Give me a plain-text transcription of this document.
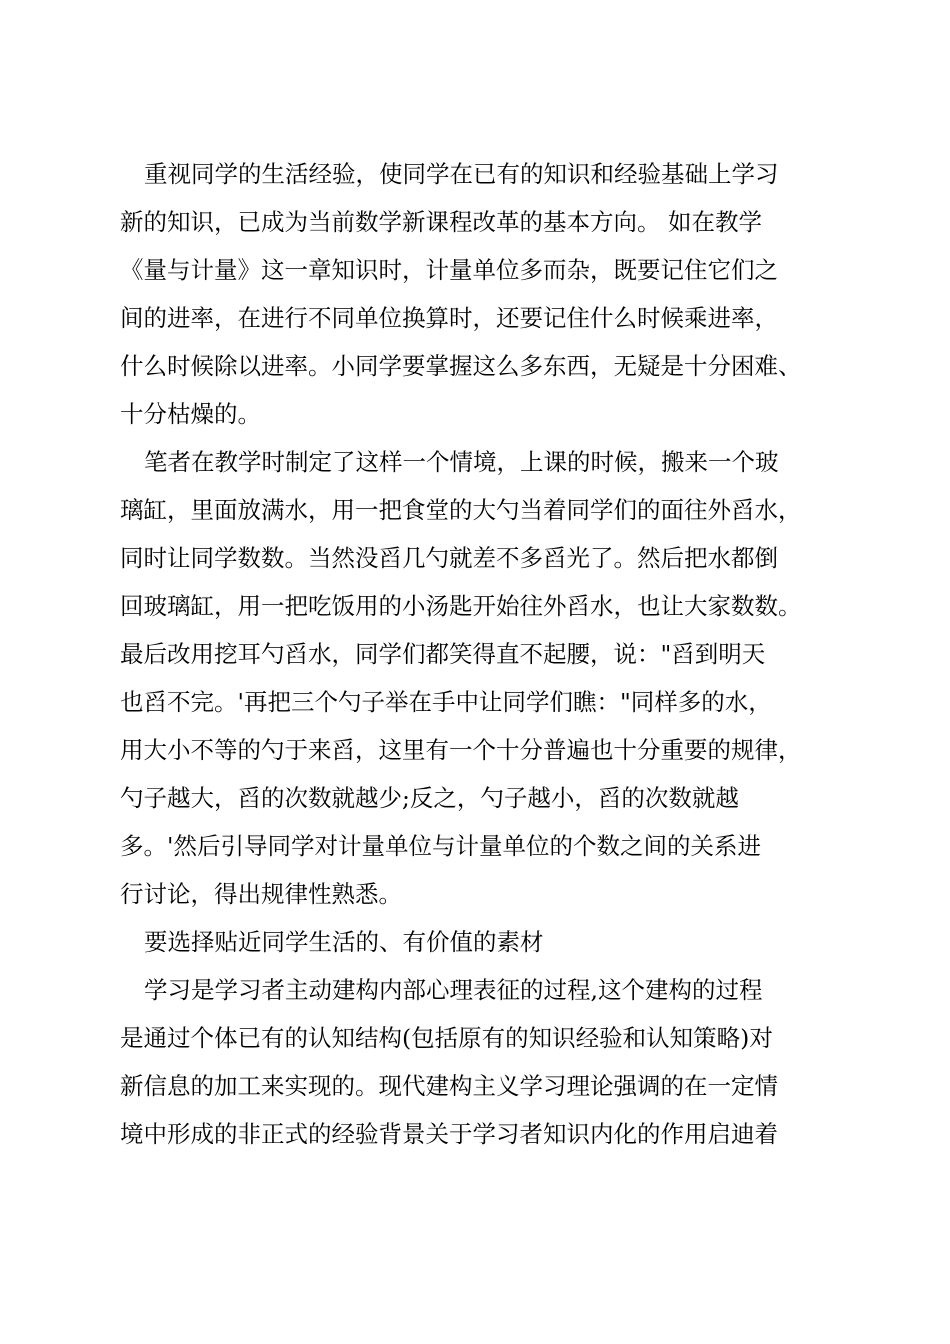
重视同学的生活经验，使同学在已有的知识和经验基础上学习

新的知识，已成为当前数学新课程改革的基本方向。 如在教学

《量与计量》这一章知识时，计量单位多而杂，既要记住它们之

间的进率，在进行不同单位换算时，还要记住什么时候乘进率，

什么时候除以进率。小同学要掌握这么多东西，无疑是十分困难、

十分枯燥的。

笔者在教学时制定了这样一个情境，上课的时候，搬来一个玻

璃缸，里面放满水，用一把食堂的大勺当着同学们的面往外舀水，

同时让同学数数。当然没舀几勺就差不多舀光了。然后把水都倒

回玻璃缸，用一把吃饭用的小汤匙开始往外舀水，也让大家数数。

最后改用挖耳勺舀水，同学们都笑得直不起腰，说："舀到明天

也舀不完。'再把三个勺子举在手中让同学们瞧："同样多的水，

用大小不等的勺于来舀，这里有一个十分普遍也十分重要的规律，

勺子越大，舀的次数就越少;反之，勺子越小，舀的次数就越

多。'然后引导同学对计量单位与计量单位的个数之间的关系进

行讨论，得出规律性熟悉。

要选择贴近同学生活的、有价值的素材

学习是学习者主动建构内部心理表征的过程,这个建构的过程

是通过个体已有的认知结构(包括原有的知识经验和认知策略)对

新信息的加工来实现的。现代建构主义学习理论强调的在一定情

境中形成的非正式的经验背景关于学习者知识内化的作用启迪着
